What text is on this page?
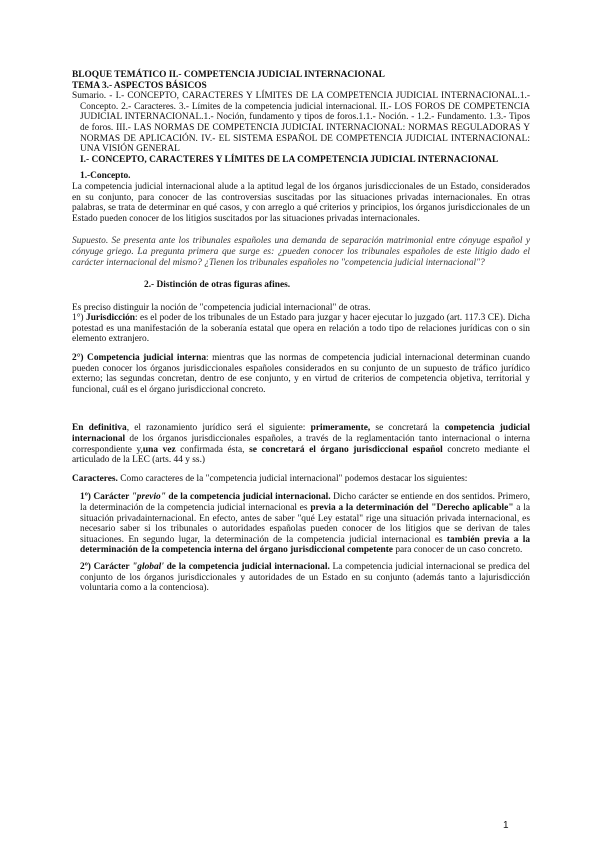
BLOQUE TEMÁTICO II.- COMPETENCIA JUDICIAL INTERNACIONAL

TEMA 3.- ASPECTOS BÁSICOS

Sumario. - I.- CONCEPTO, CARACTERES Y LÍMITES DE LA COMPETENCIA JUDICIAL INTERNACIONAL.1.-Concepto. 2.- Caracteres. 3.- Límites de la competencia judicial internacional. II.- LOS FOROS DE COMPETENCIA JUDICIAL INTERNACIONAL.1.- Noción, fundamento y tipos de foros.1.1.- Noción. - 1.2.- Fundamento. 1.3.- Tipos de foros. III.- LAS NORMAS DE COMPETENCIA JUDICIAL INTERNACIONAL: NORMAS REGULADORAS Y NORMAS DE APLICACIÓN. IV.- EL SISTEMA ESPAÑOL DE COMPETENCIA JUDICIAL INTERNACIONAL: UNA VISIÓN GENERAL

I.- CONCEPTO, CARACTERES Y LÍMITES DE LA COMPETENCIA JUDICIAL INTERNACIONAL

1.-Concepto.

La competencia judicial internacional alude a la aptitud legal de los órganos jurisdiccionales de un Estado, considerados en su conjunto, para conocer de las controversias suscitadas por las situaciones privadas internacionales. En otras palabras, se trata de determinar en qué casos, y con arreglo a qué criterios y principios, los órganos jurisdiccionales de un Estado pueden conocer de los litigios suscitados por las situaciones privadas internacionales.

Supuesto. Se presenta ante los tribunales españoles una demanda de separación matrimonial entre cónyuge español y cónyuge griego. La pregunta primera que surge es: ¿pueden conocer los tribunales españoles de este litigio dado el carácter internacional del mismo? ¿Tienen los tribunales españoles no "competencia judicial internacional"?

2.- Distinción de otras figuras afines.

Es preciso distinguir la noción de "competencia judicial internacional" de otras.

1°) Jurisdicción: es el poder de los tribunales de un Estado para juzgar y hacer ejecutar lo juzgado (art. 117.3 CE). Dicha potestad es una manifestación de la soberanía estatal que opera en relación a todo tipo de relaciones jurídicas con o sin elemento extranjero.

2°) Competencia judicial interna: mientras que las normas de competencia judicial internacional determinan cuando pueden conocer los órganos jurisdiccionales españoles considerados en su conjunto de un supuesto de tráfico jurídico externo; las segundas concretan, dentro de ese conjunto, y en virtud de criterios de competencia objetiva, territorial y funcional, cuál es el órgano jurisdiccional concreto.

En definitiva, el razonamiento jurídico será el siguiente: primeramente, se concretará la competencia judicial internacional de los órganos jurisdiccionales españoles, a través de la reglamentación tanto internacional o interna correspondiente y,una vez confirmada ésta, se concretará el órgano jurisdiccional español concreto mediante el articulado de la LEC (arts. 44 y ss.)

Caracteres. Como caracteres de la "competencia judicial internacional" podemos destacar los siguientes:

1º) Carácter "previo" de la competencia judicial internacional. Dicho carácter se entiende en dos sentidos. Primero, la determinación de la competencia judicial internacional es previa a la determinación del "Derecho aplicable" a la situación privadainternacional. En efecto, antes de saber "qué Ley estatal" rige una situación privada internacional, es necesario saber si los tribunales o autoridades españolas pueden conocer de los litigios que se derivan de tales situaciones. En segundo lugar, la determinación de la competencia judicial internacional es también previa a la determinación de la competencia interna del órgano jurisdiccional competente para conocer de un caso concreto.

2º) Carácter "global' de la competencia judicial internacional. La competencia judicial internacional se predica del conjunto de los órganos jurisdiccionales y autoridades de un Estado en su conjunto (además tanto a lajurisdicción voluntaria como a la contenciosa).

1
